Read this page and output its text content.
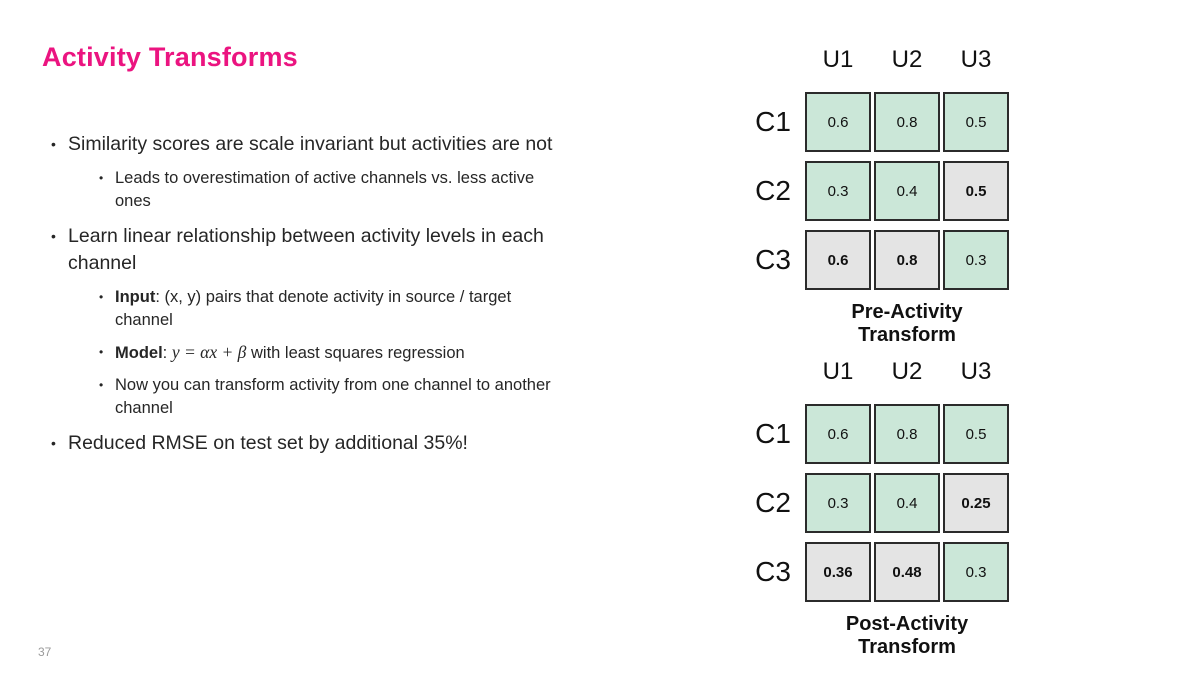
Activity Transforms
•
Similarity scores are scale invariant but activities are not
•
Leads to overestimation of active channels vs. less active ones
•
Learn linear relationship between activity levels in each channel
•
Input: (x, y) pairs that denote activity in source / target channel
•
Model: y = αx + β with least squares regression
•
Now you can transform activity from one channel to another channel
•
Reduced RMSE on test set by additional 35%!
U1	U2	U3
C1	0.6	0.8	0.5
C2	0.3	0.4	0.5
C3	0.6	0.8	0.3
Pre-Activity Transform
U1	U2	U3
C1	0.6	0.8	0.5
C2	0.3	0.4	0.25
C3	0.36	0.48	0.3
Post-Activity Transform
37
